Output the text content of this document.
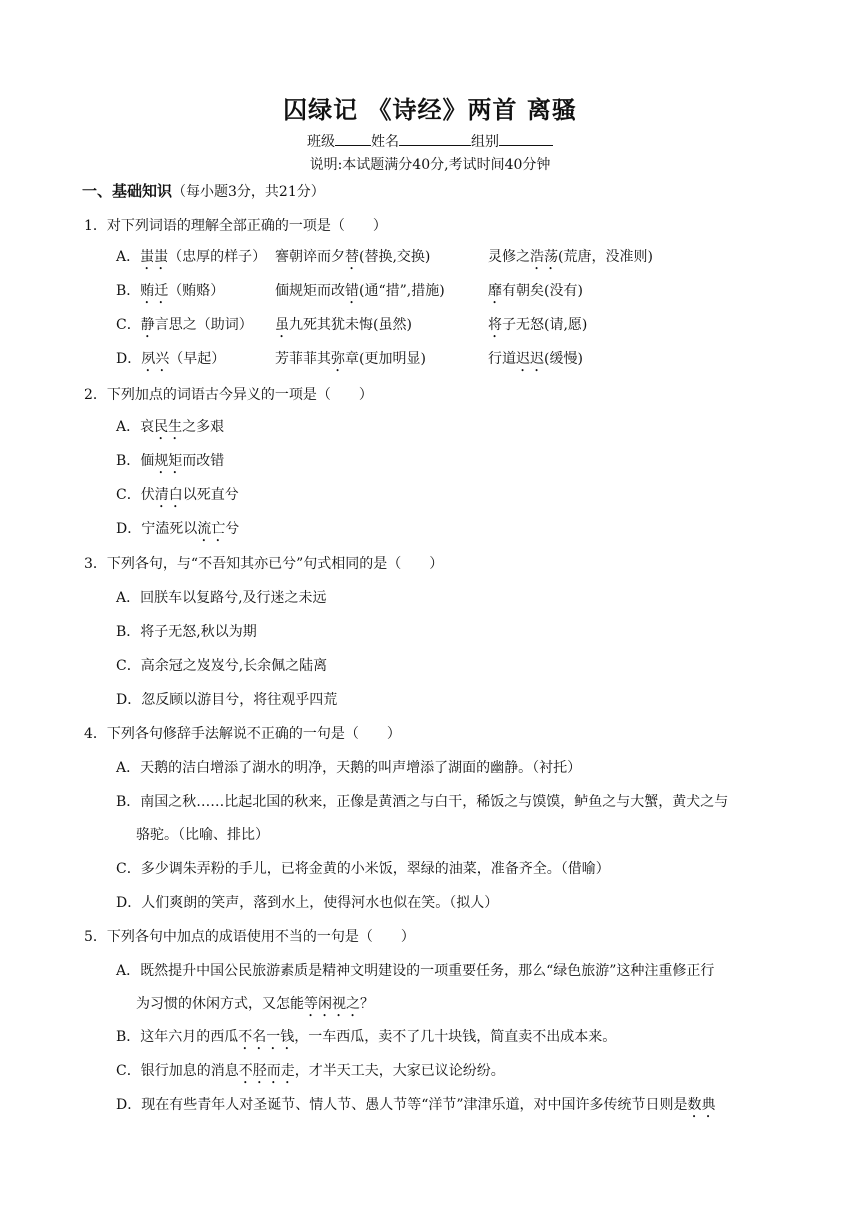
囚绿记 《诗经》两首 离骚
班级	姓名	组别
说明:本试题满分40分,考试时间40分钟
一、基础知识（每小题3分，共21分）
1．对下列词语的理解全部正确的一项是（　　）
A．蚩蚩（忠厚的样子） 謇朝谇而夕替(替换,交换)	灵修之浩荡(荒唐，没准则)
B．贿迁（贿赂）	偭规矩而改错(通“措”,措施)	靡有朝矣(没有)
C．静言思之（助词） 虽九死其犹未悔(虽然)	将子无怒(请,愿)
D．夙兴（早起）	芳菲菲其弥章(更加明显)	行道迟迟(缓慢)
2．下列加点的词语古今异义的一项是（　　）
A．哀民生之多艰
B．偭规矩而改错
C．伏清白以死直兮
D．宁溘死以流亡兮
3．下列各句，与“不吾知其亦已兮”句式相同的是（　　）
A．回朕车以复路兮,及行迷之未远
B．将子无怒,秋以为期
C．高余冠之岌岌兮,长余佩之陆离
D．忽反顾以游目兮，将往观乎四荒
4．下列各句修辞手法解说不正确的一句是（　　）
A．天鹅的洁白增添了湖水的明净，天鹅的叫声增添了湖面的幽静。（衬托）
B．南国之秋……比起北国的秋来，正像是黄酒之与白干，稀饭之与馍馍，鲈鱼之与大蟹，黄犬之与
骆驼。（比喻、排比）
C．多少调朱弄粉的手儿，已将金黄的小米饭，翠绿的油菜，准备齐全。（借喻）
D．人们爽朗的笑声，落到水上，使得河水也似在笑。（拟人）
5．下列各句中加点的成语使用不当的一句是（　　）
A．既然提升中国公民旅游素质是精神文明建设的一项重要任务，那么“绿色旅游”这种注重修正行
为习惯的休闲方式，又怎能等闲视之？
B．这年六月的西瓜不名一钱，一车西瓜，卖不了几十块钱，简直卖不出成本来。
C．银行加息的消息不胫而走，才半天工夫，大家已议论纷纷。
D．现在有些青年人对圣诞节、情人节、愚人节等“洋节”津津乐道，对中国许多传统节日则是数典
